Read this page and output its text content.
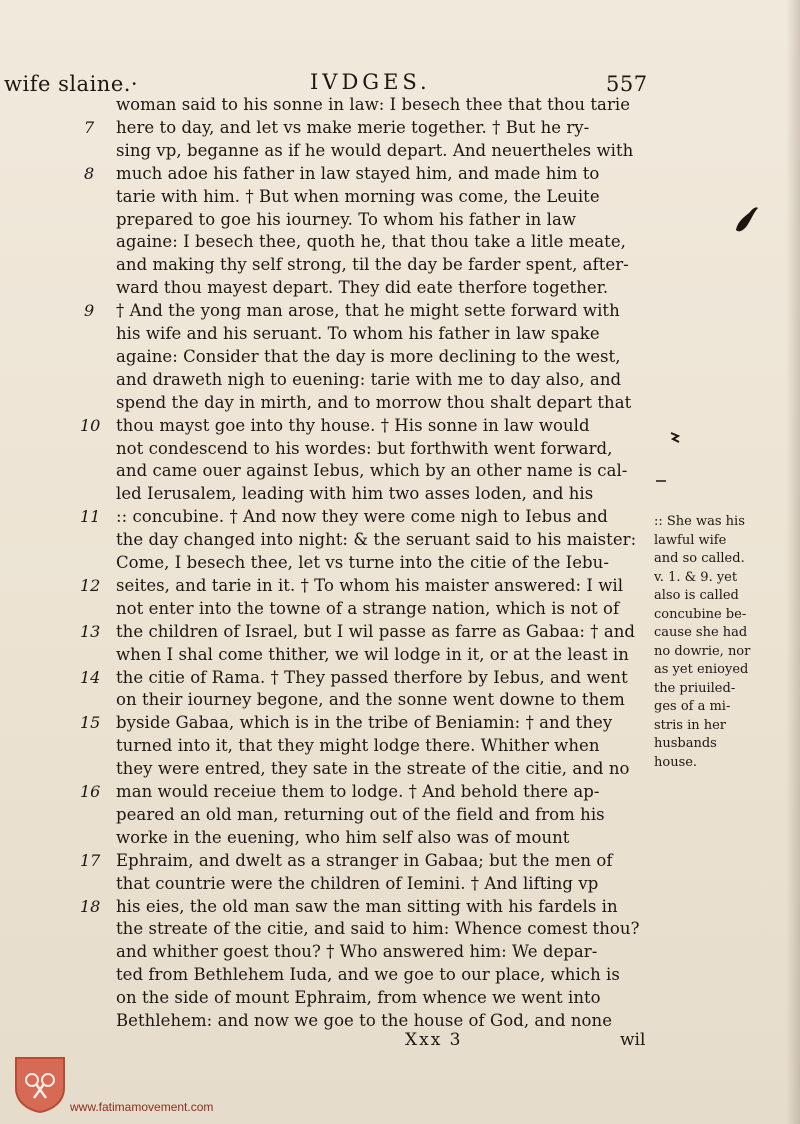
wife slaine.·	IVDGES.	557
woman said to his sonne in law: I besech thee that thou tarie
here to day, and let vs make merie together. † But he ry-
sing vp, beganne as if he would depart. And neuertheles with
much adoe his father in law stayed him, and made him to
tarie with him. † But when morning was come, the Leuite
prepared to goe his iourney. To whom his father in law
againe: I besech thee, quoth he, that thou take a litle meate,
and making thy self strong, til the day be farder spent, after-
ward thou mayest depart. They did eate therfore together.
† And the yong man arose, that he might sette forward with
his wife and his seruant. To whom his father in law spake
againe: Consider that the day is more declining to the west,
and draweth nigh to euening: tarie with me to day also, and
spend the day in mirth, and to morrow thou shalt depart that
thou mayst goe into thy house. † His sonne in law would
not condescend to his wordes: but forthwith went forward,
and came ouer against Iebus, which by an other name is cal-
led Ierusalem, leading with him two asses loden, and his
:: concubine. † And now they were come nigh to Iebus and
the day changed into night: & the seruant said to his maister:
Come, I besech thee, let vs turne into the citie of the Iebu-
seites, and tarie in it. † To whom his maister answered: I wil
not enter into the towne of a strange nation, which is not of
the children of Israel, but I wil passe as farre as Gabaa: † and
when I shal come thither, we wil lodge in it, or at the least in
the citie of Rama. † They passed therfore by Iebus, and went
on their iourney begone, and the sonne went downe to them
byside Gabaa, which is in the tribe of Beniamin: † and they
turned into it, that they might lodge there. Whither when
they were entred, they sate in the streate of the citie, and no
man would receiue them to lodge. † And behold there ap-
peared an old man, returning out of the field and from his
worke in the euening, who him self also was of mount
Ephraim, and dwelt as a stranger in Gabaa; but the men of
that countrie were the children of Iemini. † And lifting vp
his eies, the old man saw the man sitting with his fardels in
the streate of the citie, and said to him: Whence comest thou?
and whither goest thou? † Who answered him: We depar-
ted from Bethlehem Iuda, and we goe to our place, which is
on the side of mount Ephraim, from whence we went into
Bethlehem: and now we goe to the house of God, and none
7
8
9
10
11
12
13
14
15
16
17
18
:: She was his
lawful wife
and so called.
v. 1. & 9. yet
also is called
concubine be-
cause she had
no dowrie, nor
as yet enioyed
the priuiled-
ges of a mi-
stris in her
husbands
house.
Xxx 3	wil
www.fatimamovement.com
